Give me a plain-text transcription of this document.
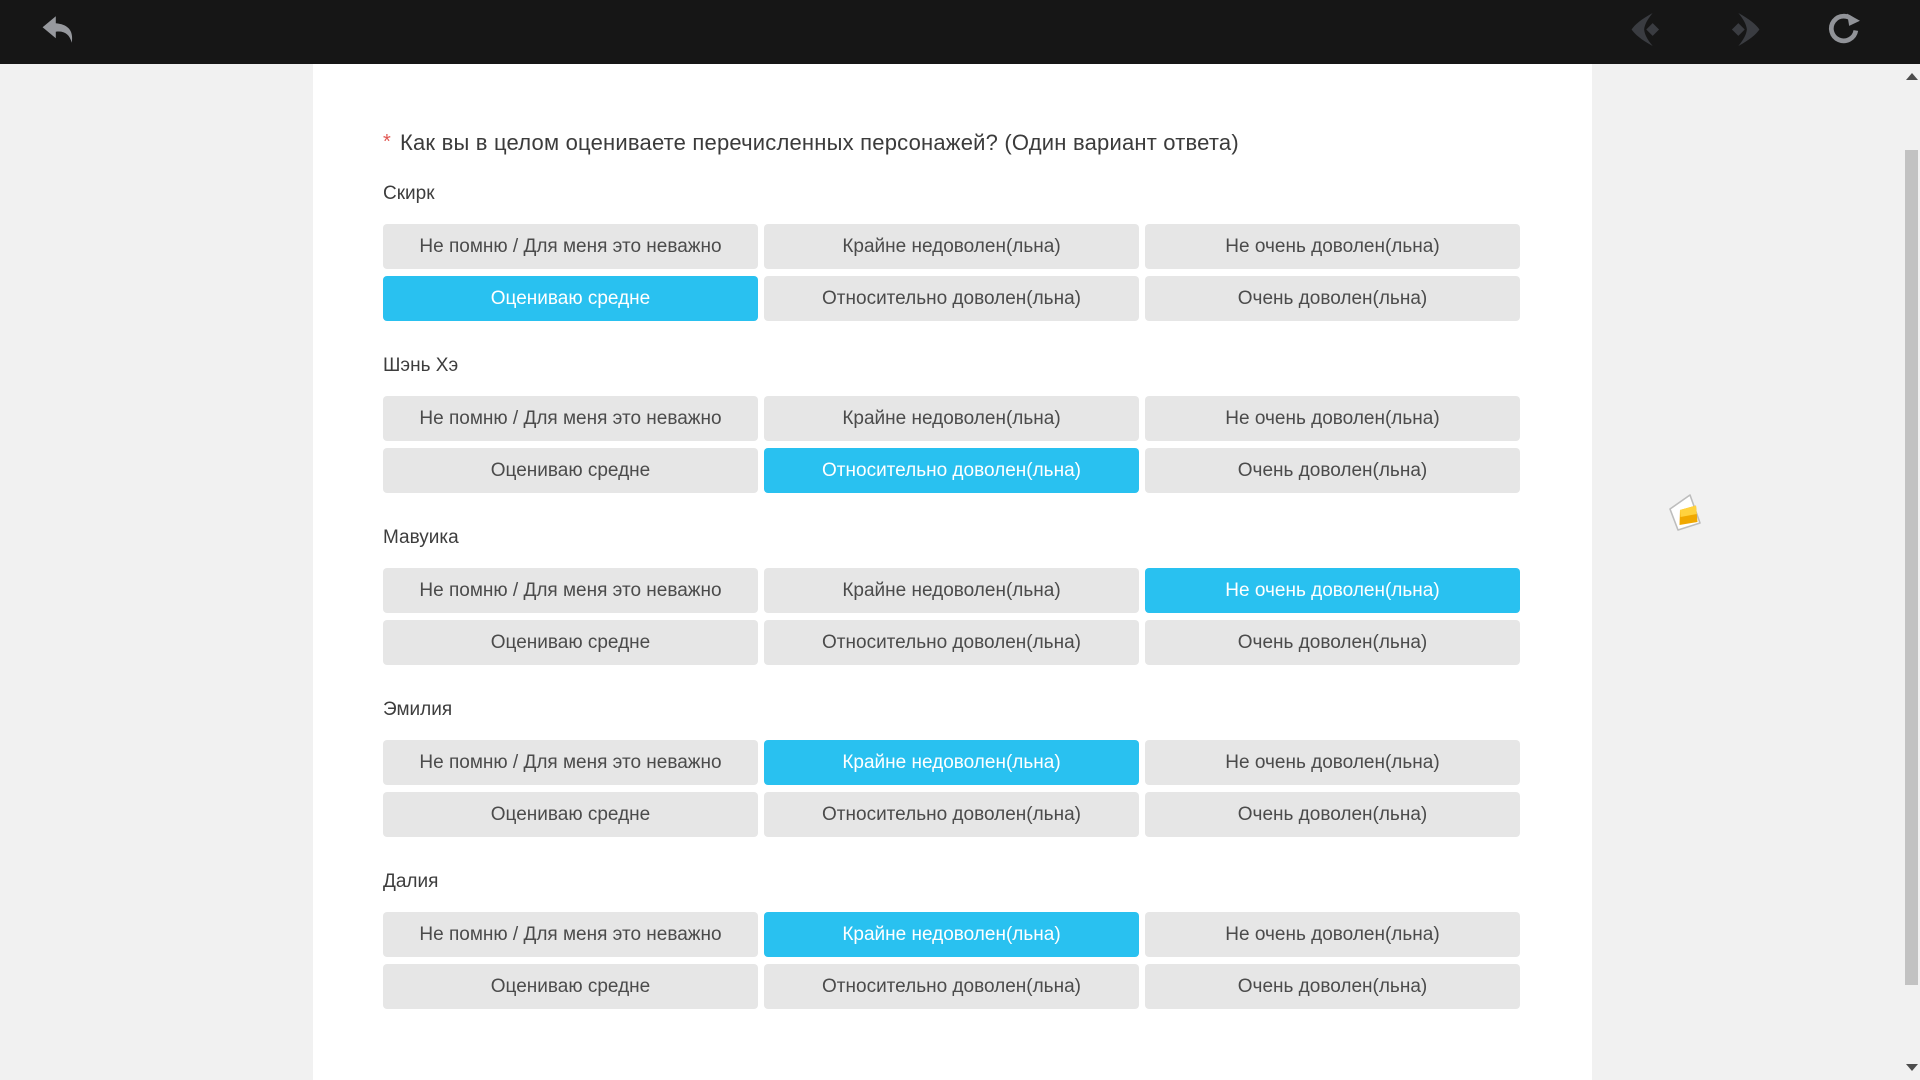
* Как вы в целом оцениваете перечисленных персонажей? (Один вариант ответа)
Скирк
Не помню / Для меня это неважно	Крайне недоволен(льна)	Не очень доволен(льна)
Оцениваю средне	Относительно доволен(льна)	Очень доволен(льна)
Шэнь Хэ
Не помню / Для меня это неважно	Крайне недоволен(льна)	Не очень доволен(льна)
Оцениваю средне	Относительно доволен(льна)	Очень доволен(льна)
Мавуика
Не помню / Для меня это неважно	Крайне недоволен(льна)	Не очень доволен(льна)
Оцениваю средне	Относительно доволен(льна)	Очень доволен(льна)
Эмилия
Не помню / Для меня это неважно	Крайне недоволен(льна)	Не очень доволен(льна)
Оцениваю средне	Относительно доволен(льна)	Очень доволен(льна)
Далия
Не помню / Для меня это неважно	Крайне недоволен(льна)	Не очень доволен(льна)
Оцениваю средне	Относительно доволен(льна)	Очень доволен(льна)
